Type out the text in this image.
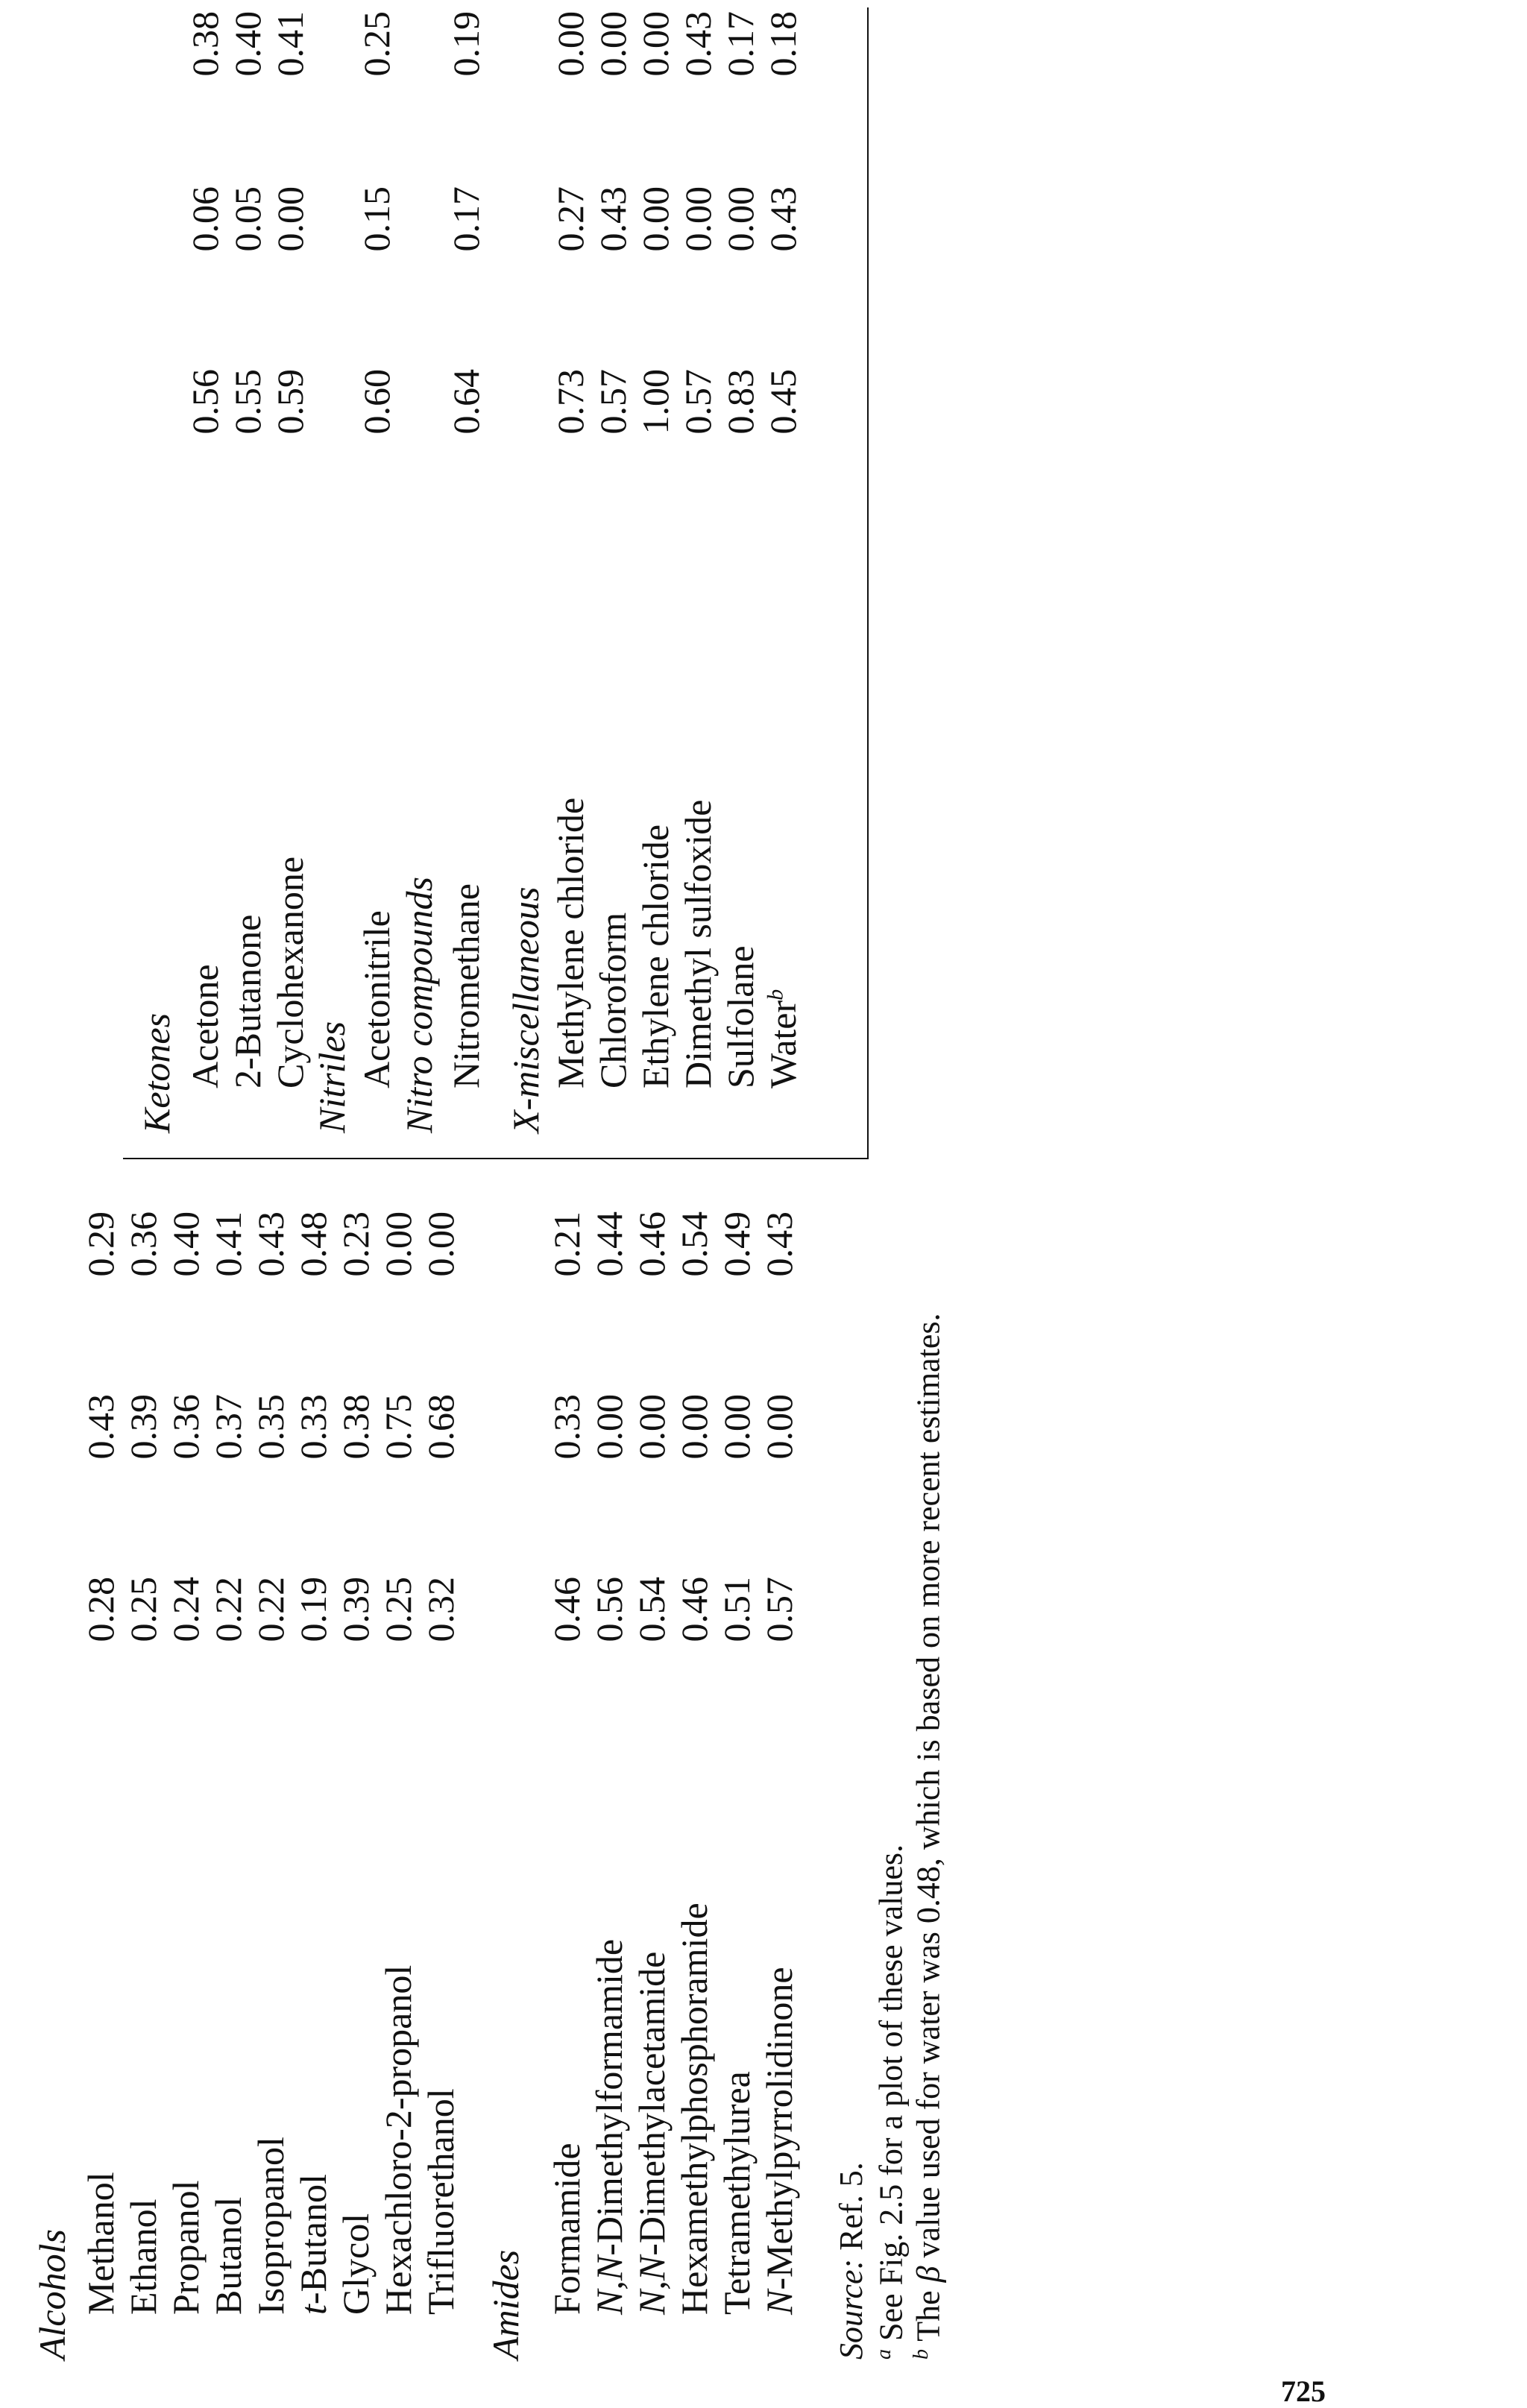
Alcohols Methanol
0.28
0.43
0.29
Ethanol
0.25
0.39
0.36
Propanol
0.24
0.36
0.40
Butanol
0.22
0.37
0.41
Isopropanol
0.22
0.35
0.43
t-Butanol
0.19
0.33
0.48
Glycol
0.39
0.38
0.23
Hexachloro-2-propanol
0.25
0.75
0.00
Trifluorethanol
0.32
0.68
0.00
Amides Formamide
0.46
0.33
0.21
N,N-Dimethylformamide
0.56
0.00
0.44
N,N-Dimethylacetamide
0.54
0.00
0.46
Hexamethylphosphoramide
0.46
0.00
0.54
Tetramethylurea
0.51
0.00
0.49
N-Methylpyrrolidinone
0.57
0.00
0.43
Ketones Acetone
0.56
0.06
0.38
2-Butanone
0.55
0.05
0.40
Cyclohexanone
0.59
0.00
0.41
Nitriles Acetonitrile
0.60
0.15
0.25
Nitro compounds Nitromethane
0.64
0.17
0.19
X-miscellaneous Methylene chloride
0.73
0.27
0.00
Chloroform
0.57
0.43
0.00
Ethylene chloride
1.00
0.00
0.00
Dimethyl sulfoxide
0.57
0.00
0.43
Sulfolane
0.83
0.00
0.17
Water$^b$
0.45
0.43
0.18
Source: Ref. 5.
$^a$ See Fig. 2.5 for a plot of these values.
$^b$ The β value used for water was 0.48, which is based on more recent estimates.
725
